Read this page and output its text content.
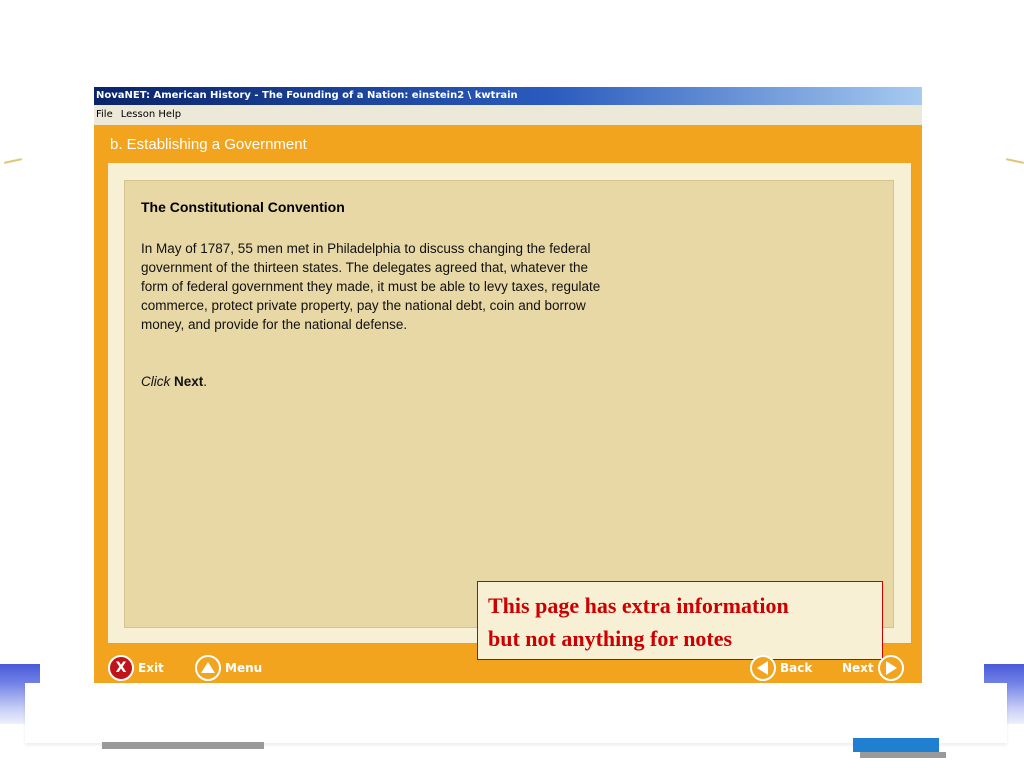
NovaNET: American History - The Founding of a Nation: einstein2 \ kwtrain
File Lesson Help
b. Establishing a Government
The Constitutional Convention
In May of 1787, 55 men met in Philadelphia to discuss changing the federal government of the thirteen states. The delegates agreed that, whatever the form of federal government they made, it must be able to levy taxes, regulate commerce, protect private property, pay the national debt, coin and borrow money, and provide for the national defense.
Click Next.
This page has extra information
but not anything for notes
X Exit	Menu	Back Next
